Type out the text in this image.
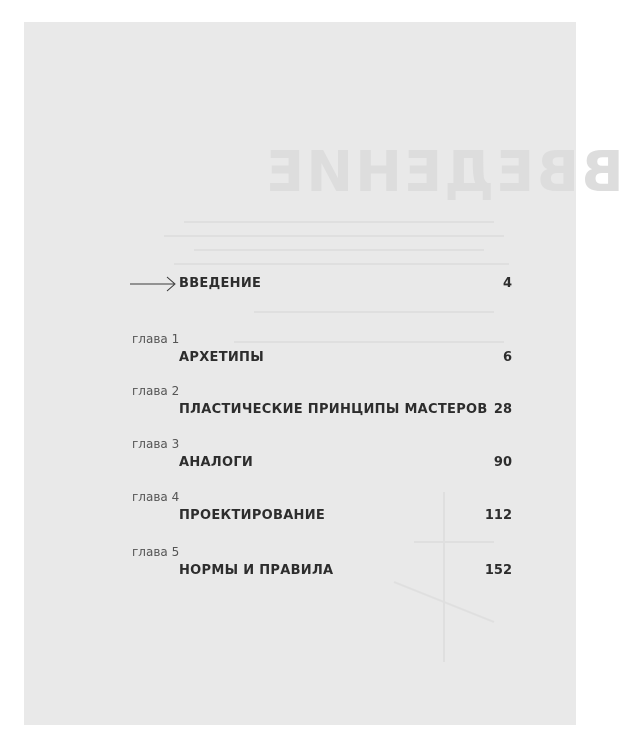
ВВЕДЕНИЕ
ВВЕДЕНИЕ	4
глава 1
АРХЕТИПЫ	6
глава 2
ПЛАСТИЧЕСКИЕ ПРИНЦИПЫ МАСТЕРОВ 28
глава 3
АНАЛОГИ	90
глава 4
ПРОЕКТИРОВАНИЕ	112
глава 5
НОРМЫ И ПРАВИЛА	152
